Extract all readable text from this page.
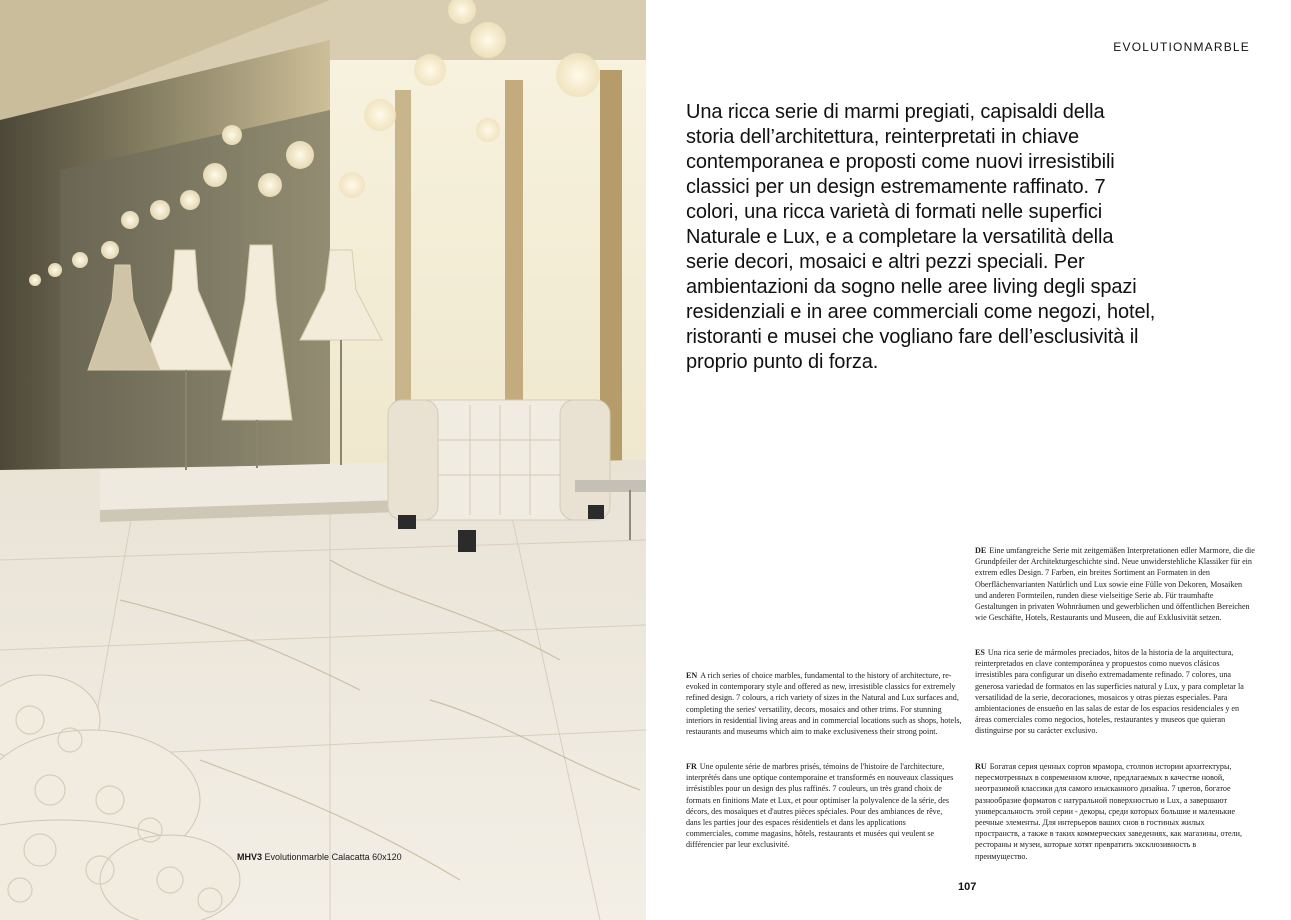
MHV3 Evolutionmarble Calacatta 60x120
EVOLUTIONMARBLE

Una ricca serie di marmi pregiati, capisaldi della storia dell’architettura, reinterpretati in chiave contemporanea e proposti come nuovi irresistibili classici per un design estremamente raffinato. 7 colori, una ricca varietà di formati nelle superfici Naturale e Lux, e a completare la versatilità della serie decori, mosaici e altri pezzi speciali. Per ambientazioni da sogno nelle aree living degli spazi residenziali e in aree commerciali come negozi, hotel, ristoranti e musei che vogliano fare dell’esclusività il proprio punto di forza.

DE Eine umfangreiche Serie mit zeitgemäßen Interpretationen edler Marmore, die die Grundpfeiler der Architekturgeschichte sind. Neue unwiderstehliche Klassiker für ein extrem edles Design. 7 Farben, ein breites Sortiment an Formaten in den Oberflächenvarianten Natürlich und Lux sowie eine Fülle von Dekoren, Mosaiken und anderen Formteilen, runden diese vielseitige Serie ab. Für traumhafte Gestaltungen in privaten Wohnräumen und gewerblichen und öffentlichen Bereichen wie Geschäfte, Hotels, Restaurants und Museen, die auf Exklusivität setzen.

ES Una rica serie de mármoles preciados, hitos de la historia de la arquitectura, reinterpretados en clave contemporánea y propuestos como nuevos clásicos irresistibles para configurar un diseño extremadamente refinado. 7 colores, una generosa variedad de formatos en las superficies natural y Lux, y para completar la versatilidad de la serie, decoraciones, mosaicos y otras piezas especiales. Para ambientaciones de ensueño en las salas de estar de los espacios residenciales y en áreas comerciales como negocios, hoteles, restaurantes y museos que quieran distinguirse por su carácter exclusivo.

EN A rich series of choice marbles, fundamental to the history of architecture, re-evoked in contemporary style and offered as new, irresistible classics for extremely refined design. 7 colours, a rich variety of sizes in the Natural and Lux surfaces and, completing the series' versatility, decors, mosaics and other trims. For stunning interiors in residential living areas and in commercial locations such as shops, hotels, restaurants and museums which aim to make exclusiveness their strong point.

FR Une opulente série de marbres prisés, témoins de l'histoire de l'architecture, interprétés dans une optique contemporaine et transformés en nouveaux classiques irrésistibles pour un design des plus raffinés. 7 couleurs, un très grand choix de formats en finitions Mate et Lux, et pour optimiser la polyvalence de la série, des décors, des mosaïques et d'autres pièces spéciales. Pour des ambiances de rêve, dans les parties jour des espaces résidentiels et dans les applications commerciales, comme magasins, hôtels, restaurants et musées qui veulent se différencier par leur exclusivité.

RU Богатая серия ценных сортов мрамора, столпов истории архитектуры, пересмотренных в современном ключе, предлагаемых в качестве новой, неотразимой классики для самого изысканного дизайна. 7 цветов, богатое разнообразие форматов с натуральной поверхностью и Lux, а завершают универсальность этой серии - декоры, среди которых большие и маленькие реечные элементы. Для интерьеров ваших снов в гостиных жилых пространств, а также в таких коммерческих заведениях, как магазины, отели, рестораны и музеи, которые хотят превратить эксклюзивность в преимущество.

107
